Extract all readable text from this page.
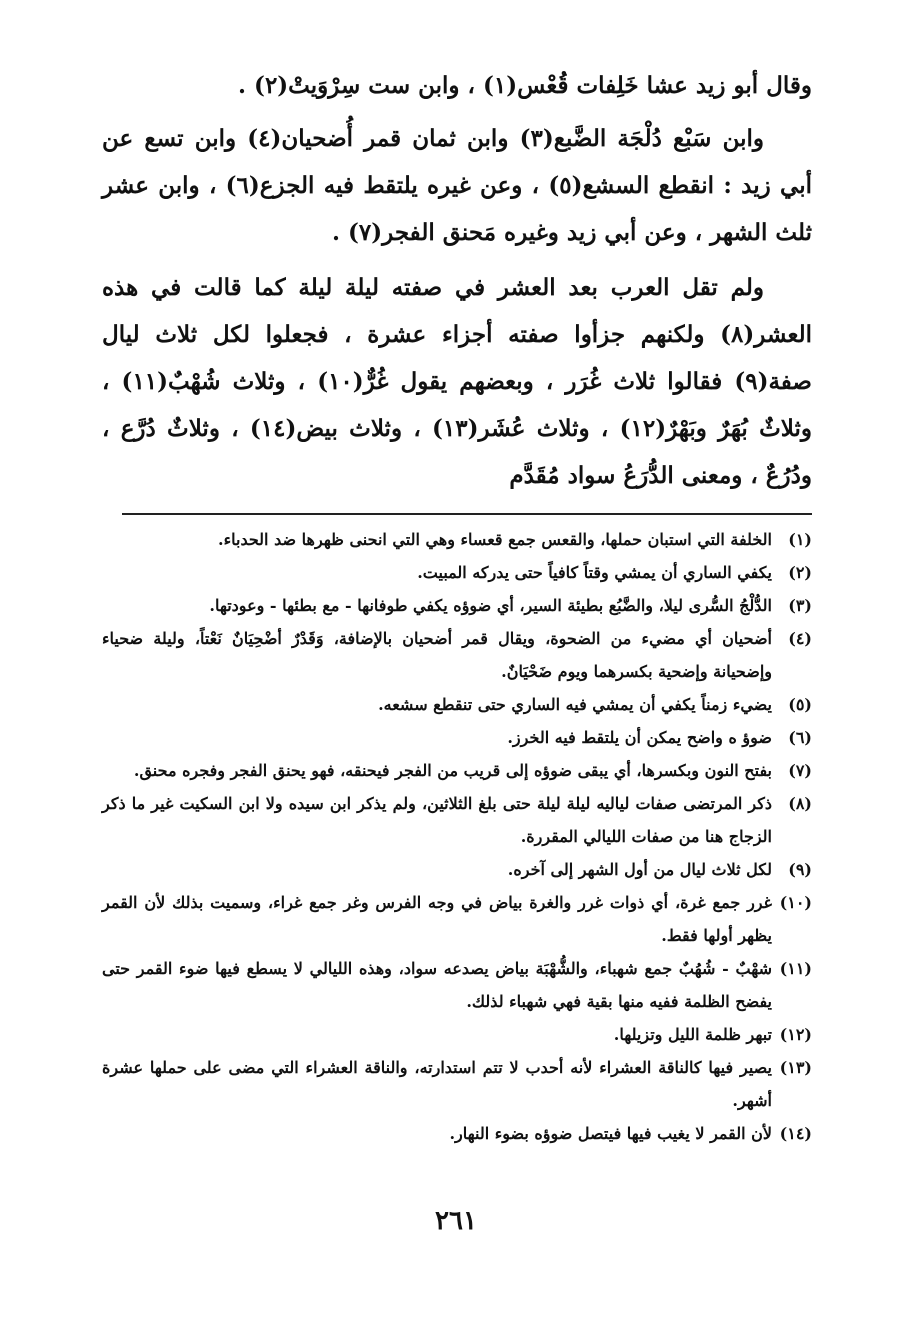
وقال أبو زيد عشا خَلِفات قُعْس(١) ، وابن ست سِرْوَيتْ(٢) .

وابن سَبْع دُلْجَة الضَّبع(٣) وابن ثمان قمر أُضحيان(٤) وابن تسع عن أبي زيد : انقطع السشع(٥) ، وعن غيره يلتقط فيه الجزع(٦) ، وابن عشر ثلث الشهر ، وعن أبي زيد وغيره مَحنق الفجر(٧) .

ولم تقل العرب بعد العشر في صفته ليلة ليلة كما قالت في هذه العشر(٨) ولكنهم جزأوا صفته أجزاء عشرة ، فجعلوا لكل ثلاث ليال صفة(٩) فقالوا ثلاث غُرَر ، وبعضهم يقول غُرٌّ(١٠) ، وثلاث شُهْبٌ(١١) ، وثلاثٌ بُهَرٌ وبَهْرٌ(١٢) ، وثلاث عُشَر(١٣) ، وثلاث بيض(١٤) ، وثلاثٌ دُرَّع ، ودُرُعٌ ، ومعنى الدُّرَعُ سواد مُقَدَّم

(١)
الخلفة التي استبان حملها، والقعس جمع قعساء وهي التي انحنى ظهرها ضد الحدباء.
(٢)
يكفي الساري أن يمشي وقتاً كافياً حتى يدركه المبيت.
(٣)
الدُّلْجُ السُّرى ليلا، والضَّبُع بطيئة السير، أي ضوؤه يكفي طوفانها - مع بطئها - وعودتها.
(٤)
أضحيان أي مضيء من الضحوة، ويقال قمر أضحيان بالإضافة، وَقَدْرٌ أضْحِيَانٌ نَعْتاً، وليلة ضحياء وإضحيانة وإضحية بكسرهما ويوم ضَحْيَانٌ.
(٥)
يضيء زمناً يكفي أن يمشي فيه الساري حتى تنقطع سشعه.
(٦)
ضوؤ ه واضح يمكن أن يلتقط فيه الخرز.
(٧)
بفتح النون وبكسرها، أي يبقى ضوؤه إلى قريب من الفجر فيحنقه، فهو يحنق الفجر وفجره محنق.
(٨)
ذكر المرتضى صفات لياليه ليلة ليلة حتى بلغ الثلاثين، ولم يذكر ابن سيده ولا ابن السكيت غير ما ذكر الزجاج هنا من صفات الليالي المقررة.
(٩)
لكل ثلاث ليال من أول الشهر إلى آخره.
(١٠)
غرر جمع غرة، أي ذوات غرر والغرة بياض في وجه الفرس وغر جمع غراء، وسميت بذلك لأن القمر يظهر أولها فقط.
(١١)
شهْبٌ - شُهُبٌ جمع شهباء، والشُّهْبَة بياض يصدعه سواد، وهذه الليالي لا يسطع فيها ضوء القمر حتى يفضح الظلمة ففيه منها بقية فهي شهباء لذلك.
(١٢)
تبهر ظلمة الليل وتزيلها.
(١٣)
يصير فيها كالناقة العشراء لأنه أحدب لا تتم استدارته، والناقة العشراء التي مضى على حملها عشرة أشهر.
(١٤)
لأن القمر لا يغيب فيها فيتصل ضوؤه بضوء النهار.
٢٦١
